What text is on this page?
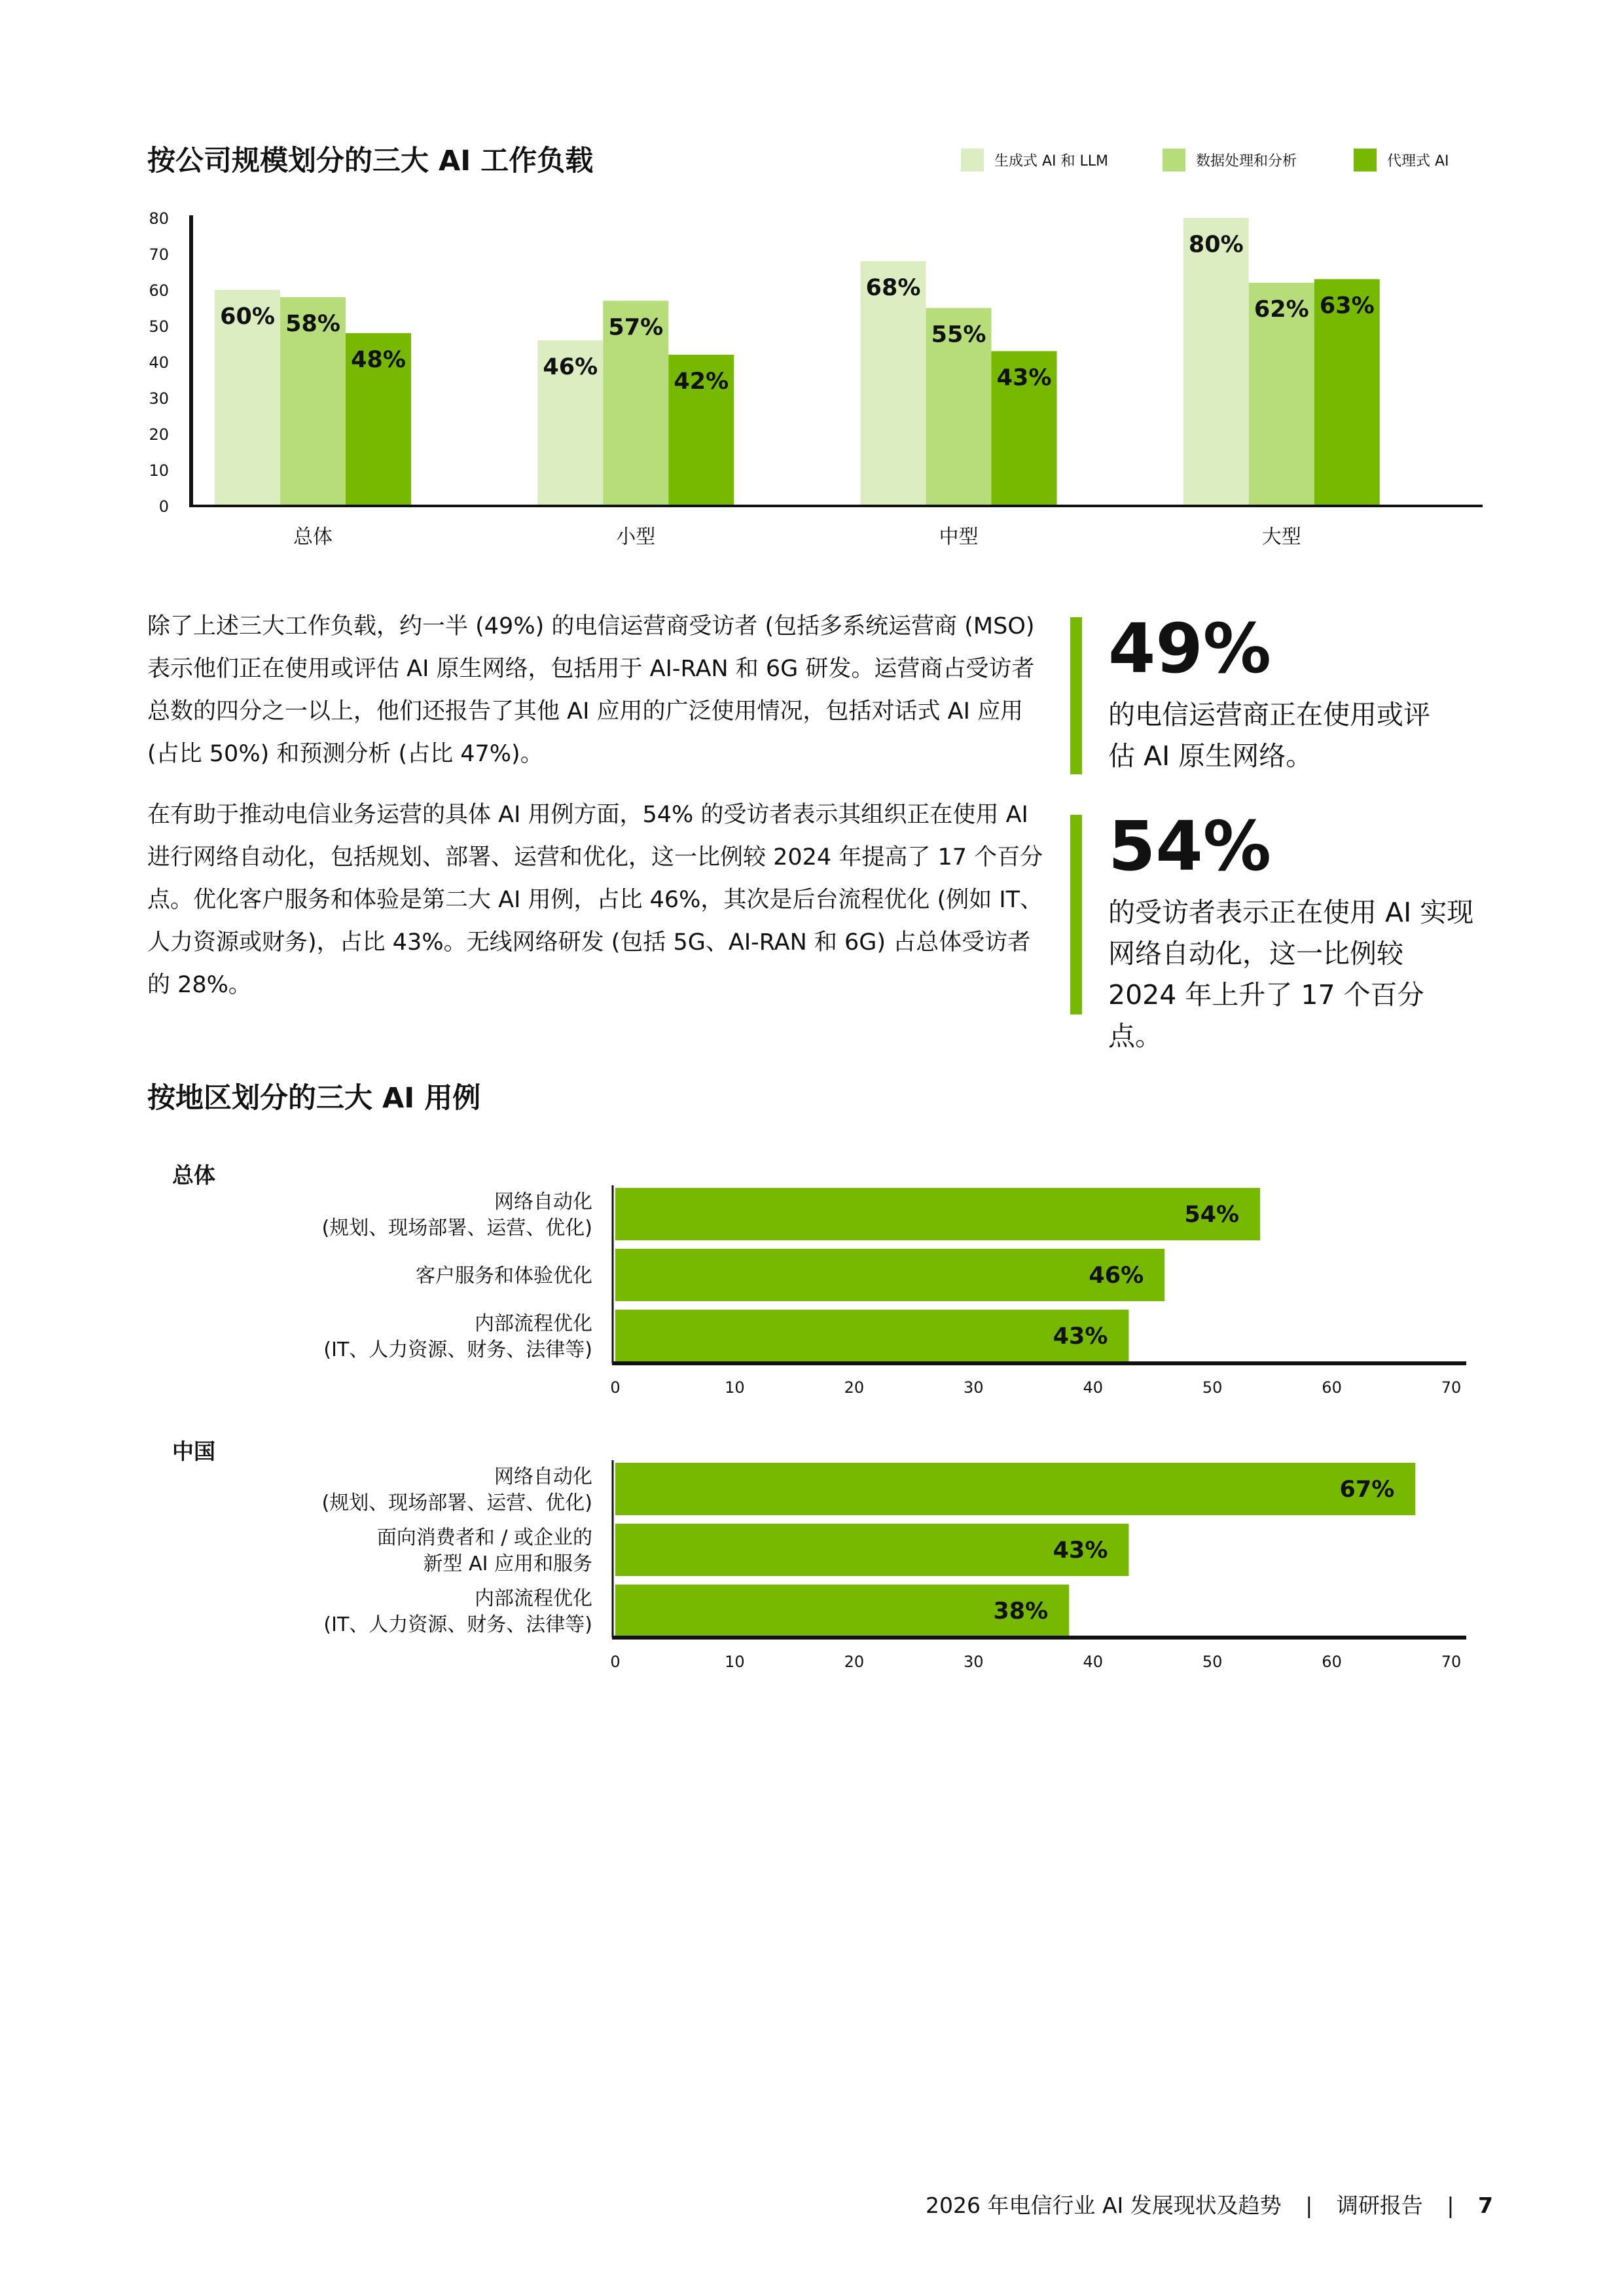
按公司规模划分的三大 AI 工作负载	生成式 AI 和 LLM	数据处理和分析	代理式 AI
0
10
20
30
40
50
60
70
80
60% 58%
48%
总体
46%
57%
42%
小型
68%
55%
43%
中型
80%
62% 63%
大型

除了上述三大工作负载，约一半 (49%) 的电信运营商受访者 (包括多系统运营商 (MSO) 表示他们正在使用或评估 AI 原生网络，包括用于 AI-RAN 和 6G 研发。运营商占受访者总数的四分之一以上，他们还报告了其他 AI 应用的广泛使用情况，包括对话式 AI 应用 (占比 50%) 和预测分析 (占比 47%)。

在有助于推动电信业务运营的具体 AI 用例方面，54% 的受访者表示其组织正在使用 AI 进行网络自动化，包括规划、部署、运营和优化，这一比例较 2024 年提高了 17 个百分点。优化客户服务和体验是第二大 AI 用例，占比 46%，其次是后台流程优化 (例如 IT、人力资源或财务)，占比 43%。无线网络研发 (包括 5G、AI-RAN 和 6G) 占总体受访者的 28%。

49%
的电信运营商正在使用或评估 AI 原生网络。
54%
的受访者表示正在使用 AI 实现网络自动化，这一比例较 2024 年上升了 17 个百分点。
按地区划分的三大 AI 用例
总体
中国
54%
网络自动化
(规划、现场部署、运营、优化)
46%
客户服务和体验优化
43%
内部流程优化
(IT、人力资源、财务、法律等)
0	10	20	30	40	50	60	70
67%
网络自动化
(规划、现场部署、运营、优化)
43%
面向消费者和 / 或企业的
新型 AI 应用和服务
38%
内部流程优化
(IT、人力资源、财务、法律等)
0	10	20	30	40	50	60	70
2026 年电信行业 AI 发展现状及趋势 | 调研报告 | 7
